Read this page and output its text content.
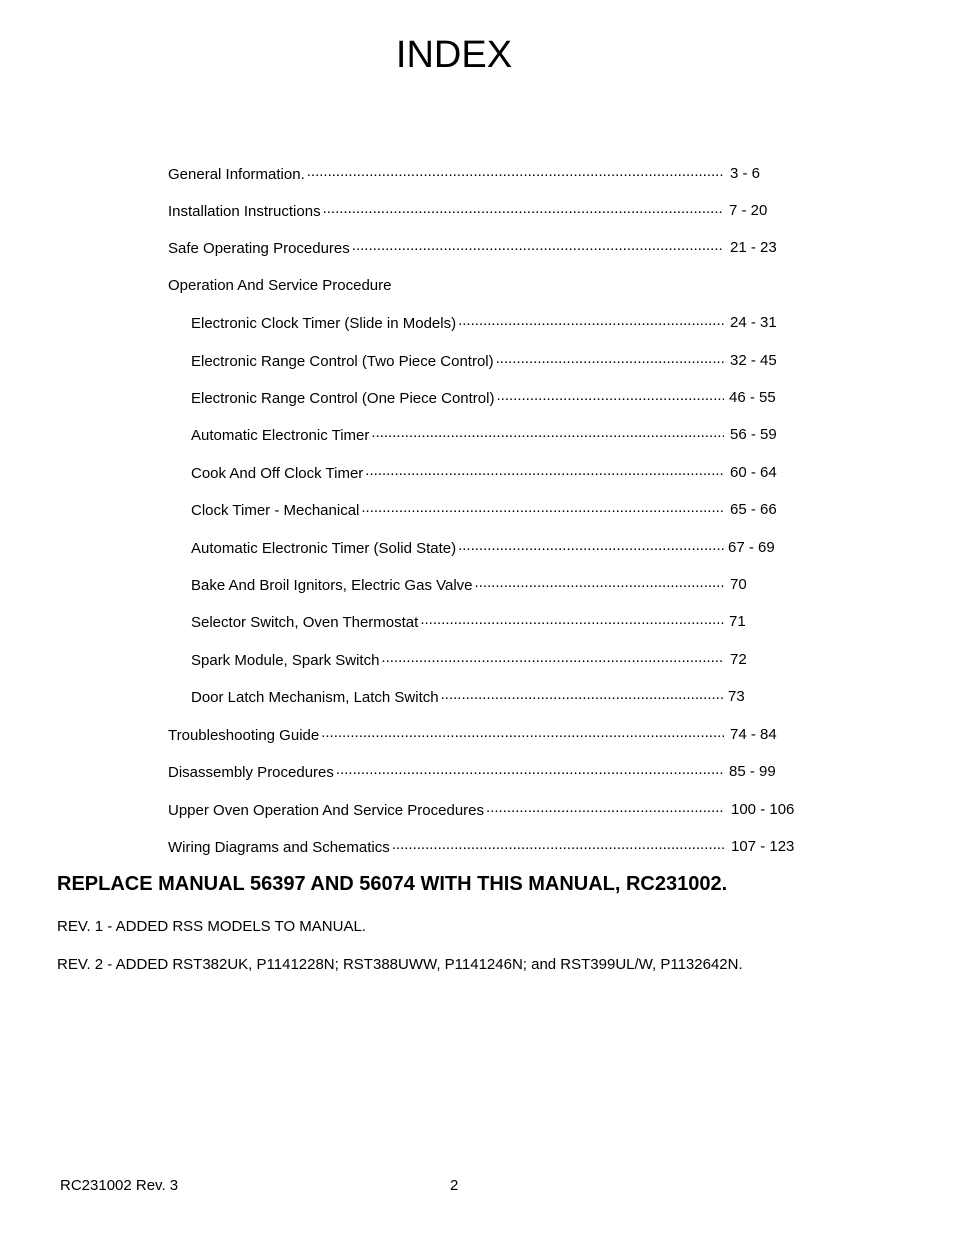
INDEX
General Information. .....	3 - 6
Installation Instructions .....	7 - 20
Safe Operating Procedures .....	21 - 23
Operation And Service Procedure
Electronic Clock Timer (Slide in Models) .....	24 - 31
Electronic Range Control (Two Piece Control) .....	32 - 45
Electronic Range Control (One Piece Control) .....	46 - 55
Automatic Electronic Timer .....	56 - 59
Cook And Off Clock Timer .....	60 - 64
Clock Timer - Mechanical .....	65 - 66
Automatic Electronic Timer (Solid State) .....	67 - 69
Bake And Broil Ignitors, Electric Gas Valve .....	70
Selector Switch, Oven Thermostat .....	71
Spark Module, Spark Switch .....	72
Door Latch Mechanism, Latch Switch .....	73
Troubleshooting Guide .....	74 - 84
Disassembly Procedures .....	85 - 99
Upper Oven Operation And Service Procedures .....	100 - 106
Wiring Diagrams and Schematics .....	107 - 123

REPLACE MANUAL 56397 AND 56074 WITH THIS MANUAL, RC231002.

REV. 1 - ADDED RSS MODELS TO MANUAL.
REV. 2 - ADDED RST382UK, P1141228N; RST388UWW, P1141246N; and RST399UL/W, P1132642N.
RC231002 Rev. 3	2
